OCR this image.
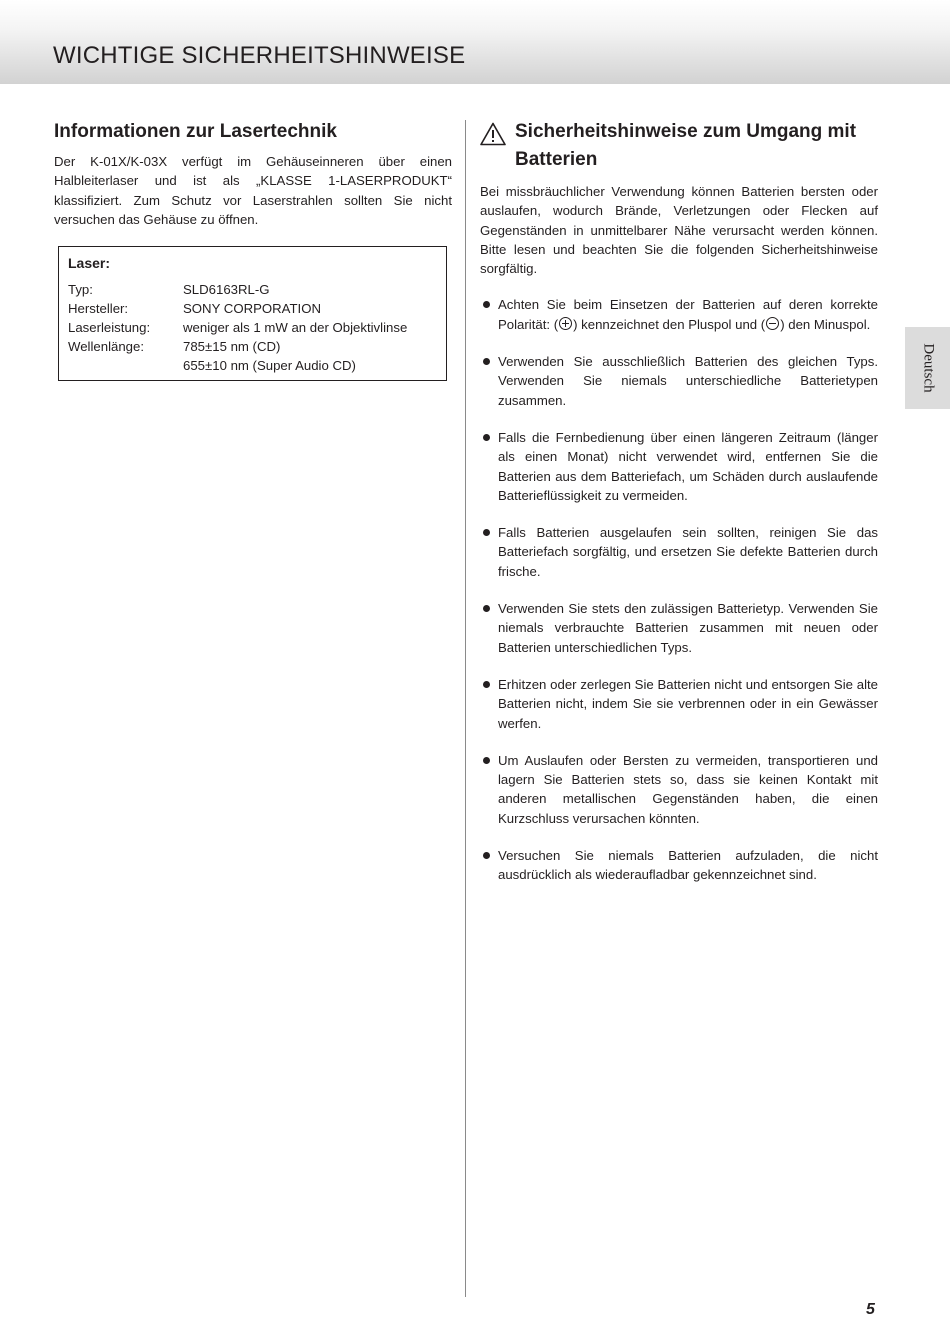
WICHTIGE SICHERHEITSHINWEISE
Informationen zur Lasertechnik

Der K-01X/K-03X verfügt im Gehäuseinneren über einen Halbleiterlaser und ist als „KLASSE 1-LASERPRODUKT“ klassifiziert. Zum Schutz vor Laserstrahlen sollten Sie nicht versuchen das Gehäuse zu öffnen.

Laser:
Typ:	SLD6163RL-G
Hersteller:	SONY CORPORATION
Laserleistung: weniger als 1 mW an der Objektivlinse
Wellenlänge:	785±15 nm (CD)
655±10 nm (Super Audio CD)
Sicherheitshinweise zum Umgang mit Batterien

Bei missbräuchlicher Verwendung können Batterien bersten oder auslaufen, wodurch Brände, Verletzungen oder Flecken auf Gegenständen in unmittelbarer Nähe verursacht werden können. Bitte lesen und beachten Sie die folgenden Sicherheitshinweise sorgfältig.

Achten Sie beim Einsetzen der Batterien auf deren korrekte Polarität: ( ) kennzeichnet den Pluspol und ( ) den Minuspol.
Verwenden Sie ausschließlich Batterien des gleichen Typs. Verwenden Sie niemals unterschiedliche Batterietypen zusammen.
Falls die Fernbedienung über einen längeren Zeitraum (länger als einen Monat) nicht verwendet wird, entfernen Sie die Batterien aus dem Batteriefach, um Schäden durch auslaufende Batterieflüssigkeit zu vermeiden.
Falls Batterien ausgelaufen sein sollten, reinigen Sie das Batteriefach sorgfältig, und ersetzen Sie defekte Batterien durch frische.
Verwenden Sie stets den zulässigen Batterietyp. Verwenden Sie niemals verbrauchte Batterien zusammen mit neuen oder Batterien unterschiedlichen Typs.
Erhitzen oder zerlegen Sie Batterien nicht und entsorgen Sie alte Batterien nicht, indem Sie sie verbrennen oder in ein Gewässer werfen.
Um Auslaufen oder Bersten zu vermeiden, transportieren und lagern Sie Batterien stets so, dass sie keinen Kontakt mit anderen metallischen Gegenständen haben, die einen Kurzschluss verursachen könnten.
Versuchen Sie niemals Batterien aufzuladen, die nicht ausdrücklich als wiederaufladbar gekennzeichnet sind.
Deutsch
5
